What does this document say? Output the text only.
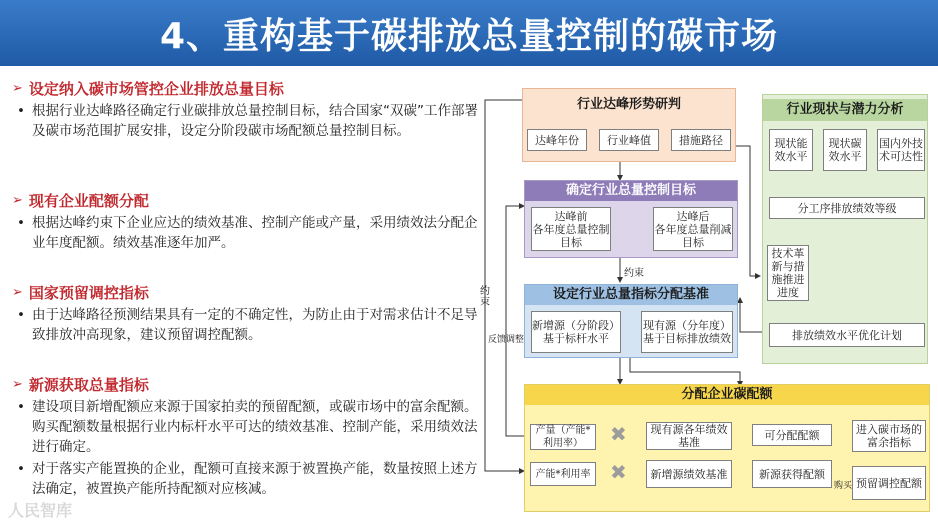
4、重构基于碳排放总量控制的碳市场
➢ 设定纳入碳市场管控企业排放总量目标
• 根据行业达峰路径确定行业碳排放总量控制目标，结合国家“双碳”工作部署及碳市场范围扩展安排，设定分阶段碳市场配额总量控制目标。
➢ 现有企业配额分配
• 根据达峰约束下企业应达的绩效基准、控制产能或产量，采用绩效法分配企业年度配额。绩效基准逐年加严。
➢ 国家预留调控指标
• 由于达峰路径预测结果具有一定的不确定性，为防止由于对需求估计不足导致排放冲高现象，建议预留调控配额。
➢ 新源获取总量指标
• 建设项目新增配额应来源于国家拍卖的预留配额，或碳市场中的富余配额。购买配额数量根据行业内标杆水平可达的绩效基准、控制产能，采用绩效法进行确定。
• 对于落实产能置换的企业，配额可直接来源于被置换产能，数量按照上述方法确定，被置换产能所持配额对应核减。
行业达峰形势研判
达峰年份	行业峰值	措施路径
行业现状与潜力分析
现状能效水平
现状碳效水平
国内外技术可达性
分工序排放绩效等级
技术革新与措施推进进度
排放绩效水平优化计划
确定行业总量控制目标
达峰前
各年度总量控制目标
达峰后
各年度总量削减目标
约束
约束
反馈调整
设定行业总量指标分配基准
新增源（分阶段）
基于标杆水平
现有源（分年度）
基于目标排放绩效
分配企业碳配额
产量（产能*利用率）	✖	现有源各年绩效基准
可分配配额	进入碳市场的富余指标
产能*利用率 ✖	新增源绩效基准	新源获得配额
预留调控配额
购买
人民智库
